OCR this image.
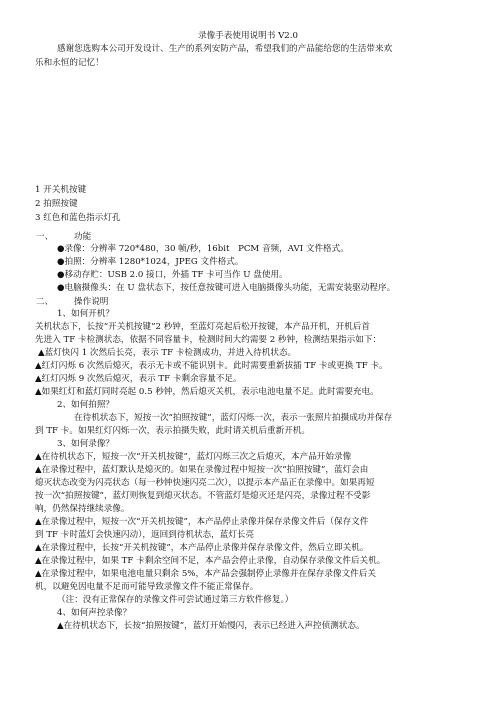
录像手表使用说明书 V2.0
感谢您选购本公司开发设计、生产的系列安防产品，希望我们的产品能给您的生活带来欢
乐和永恒的记忆！
1 开关机按键
2 拍照按键
3 红色和蓝色指示灯孔
一、 功能
●录像：分辨率 720*480，30 帧/秒，16bit　PCM 音频，AVI 文件格式。
●拍照：分辨率 1280*1024，JPEG 文件格式。
●移动存贮：USB 2.0 接口，外插 TF 卡可当作 U 盘使用。
●电脑摄像头：在 U 盘状态下，按任意按键可进入电脑摄像头功能，无需安装驱动程序。
二、 操作说明
1、如何开机？
关机状态下，长按“开关机按键”2 秒钟，至蓝灯亮起后松开按键，本产品开机，开机后首
先进入 TF 卡检测状态，依据不同容量卡，检测时间大约需要 2 秒钟，检测结果指示如下：
▲蓝灯快闪 1 次然后长亮，表示 TF 卡检测成功，并进入待机状态。
▲红灯闪烁 6 次然后熄灭，表示无卡或不能识别卡。此时需要重新拔插 TF 卡或更换 TF 卡。
▲红灯闪烁 9 次然后熄灭，表示 TF 卡剩余容量不足。
▲如果红灯和蓝灯同时亮起 0.5 秒钟，然后熄灭关机，表示电池电量不足。此时需要充电。
2、如何拍照？
在待机状态下，短按一次“拍照按键”，蓝灯闪烁一次，表示一张照片拍摄成功并保存
到 TF 卡。如果红灯闪烁一次，表示拍摄失败，此时请关机后重新开机。
3、如何录像？
▲在待机状态下，短按一次“开关机按键”，蓝灯闪烁三次之后熄灭，本产品开始录像
▲在录像过程中，蓝灯默认是熄灭的。如果在录像过程中短按一次“拍照按键”，蓝灯会由
熄灭状态改变为闪亮状态（每一秒钟快速闪亮二次），以提示本产品正在录像中。如果再短
按一次“拍照按键”，蓝灯则恢复到熄灭状态。不管蓝灯是熄灭还是闪亮，录像过程不受影
响，仍然保持继续录像。
▲在录像过程中，短按一次“开关机按键”，本产品停止录像并保存录像文件后（保存文件
到 TF 卡时蓝灯会快速闪动），返回到待机状态，蓝灯长亮
▲在录像过程中，长按“开关机按键”，本产品停止录像并保存录像文件，然后立即关机。
▲在录像过程中，如果 TF 卡剩余空间不足，本产品会停止录像，自动保存录像文件后关机。
▲在录像过程中，如果电池电量只剩余 5%，本产品会强制停止录像并在保存录像文件后关
机，以避免因电量不足而可能导致录像文件不能正常保存。
（注：没有正常保存的录像文件可尝试通过第三方软件修复。）
4、如何声控录像？
▲在待机状态下，长按“拍照按键”，蓝灯开始慢闪，表示已经进入声控侦测状态。
